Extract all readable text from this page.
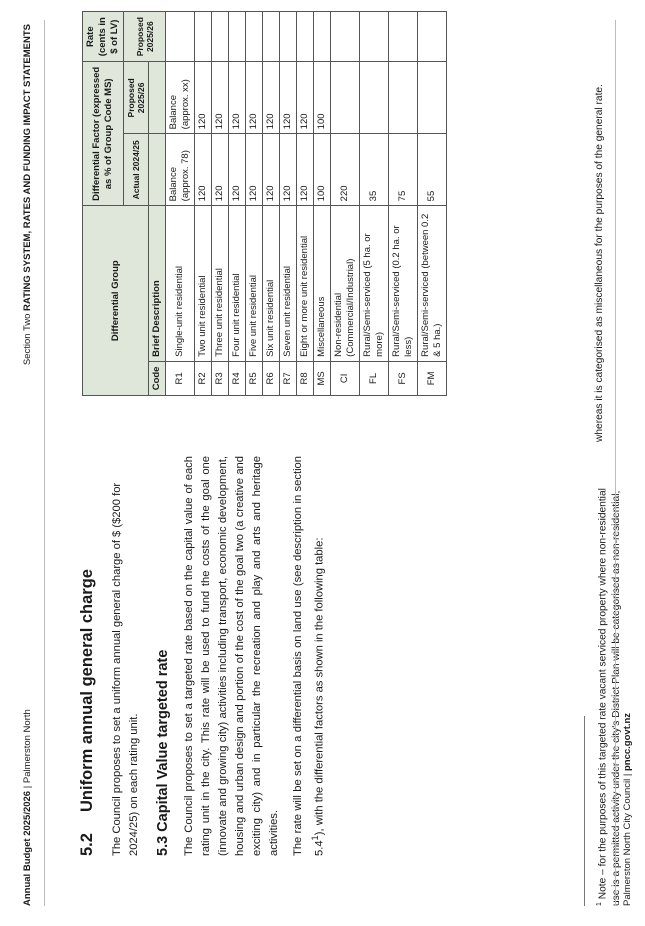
Annual Budget 2025/2026 | Palmerston North
Section Two RATING SYSTEM, RATES AND FUNDING IMPACT STATEMENTS
5.2Uniform annual general charge The Council proposes to set a uniform annual general charge of $ ($200 for 2024/25) on each rating unit. 5.3 Capital Value targeted rate The Council proposes to set a targeted rate based on the capital value of each rating unit in the city. This rate will be used to fund the costs of the goal one (innovate and growing city) activities including transport, economic development, housing and urban design and portion of the cost of the goal two (a creative and exciting city) and in particular the recreation and play and arts and heritage activities. The rate will be set on a differential basis on land use (see description in section $5.4^1$), with the differential factors as shown in the following table:

Differential Group		Differential Factor (expressed as % of Group Code MS)		Rate (cents in $ of LV)
		Actual 2024/25	Proposed 2025/26	Proposed 2025/26
Code	Brief Description			
R1	Single-unit residential	Balance (approx. 78)	Balance (approx. xx)	
R2	Two unit residential	120	120	
R3	Three unit residential	120	120	
R4	Four unit residential	120	120	
R5	Five unit residential	120	120	
R6	Six unit residential	120	120	
R7	Seven unit residential	120	120	
R8	Eight or more unit residential	120	120	
MS	Miscellaneous	100	100	
CI	Non-residential (Commercial/Industrial)	220		
FL	Rural/Semi-serviced (5 ha. or more)	35		
FS	Rural/Semi-serviced (0.2 ha. or less)	75		
FM	Rural/Semi-serviced (between 0.2 & 5 ha.)	55		
$^1$ Note – for the purposes of this targeted rate vacant serviced property where non-residential use is a permitted activity under the city's District Plan will be categorised as non-residential, whereas it is categorised as miscellaneous for the purposes of the general rate.
Palmerston North City Council | pncc.govt.nz
